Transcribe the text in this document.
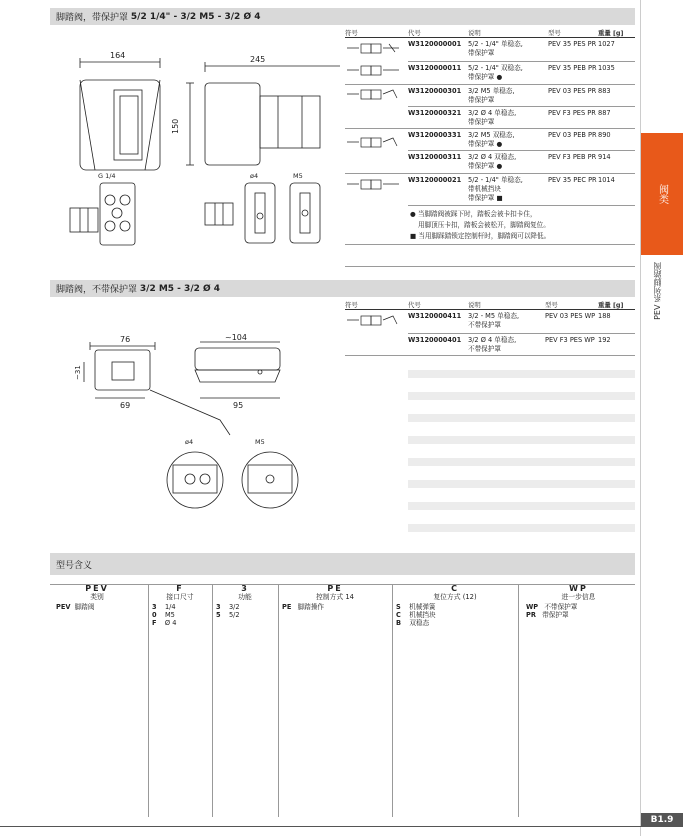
脚踏阀，带保护罩
5/2 1/4" - 3/2 M5 - 3/2 Ø 4
164	245
150
G 1/4	ø4	M5
符号	代号	说明	型号	重量 [g]
W3120000001 5/2 - 1/4" 单稳态,
带保护罩
PEV 35 PES PR 1027
W3120000011 5/2 - 1/4" 双稳态,
带保护罩 ●
PEV 35 PEB PR 1035
W3120000301 3/2 M5 单稳态,
带保护罩
PEV 03 PES PR 883
W3120000321 3/2 Ø 4 单稳态,
带保护罩
PEV F3 PES PR 887
W3120000331 3/2 M5 双稳态,
带保护罩 ●
PEV 03 PEB PR 890
W3120000311 3/2 Ø 4 双稳态,
带保护罩 ●
PEV F3 PEB PR 914
W3120000021 5/2 - 1/4" 单稳态,
带机械挡块
带保护罩 ■
PEV 35 PEC PR 1014
● 当脚踏阀被踩下时，踏板会被卡扣卡住，
用脚顶压卡扣，踏板会被松开，脚踏阀复位。
■ 当用脚踩踏锁定控制杆时，脚踏阀可以降低。
脚踏阀，不带保护罩
3/2 M5 - 3/2 Ø 4
76	~104
~31
69	95
ø4	M5
符号	代号	说明	型号	重量 [g]
W3120000411 3/2 - M5 单稳态,
不带保护罩
PEV 03 PES WP 188
W3120000401 3/2 Ø 4 单稳态,
不带保护罩
PEV F3 PES WP 192
型号含义
PEV
类别
PEV 脚踏阀
F
接口尺寸
3 1/4
0 M5
F Ø 4
3
功能
3 3/2
5 5/2
PE
控制方式 14
PE 脚踏操作
C
复位方式 (12)
S 机械弹簧
C 机械挡块
B 双稳态
WP
进一步信息
WP 不带保护罩
PR 带保护罩
阀类
PEV 系列脚踏阀
B1.9
